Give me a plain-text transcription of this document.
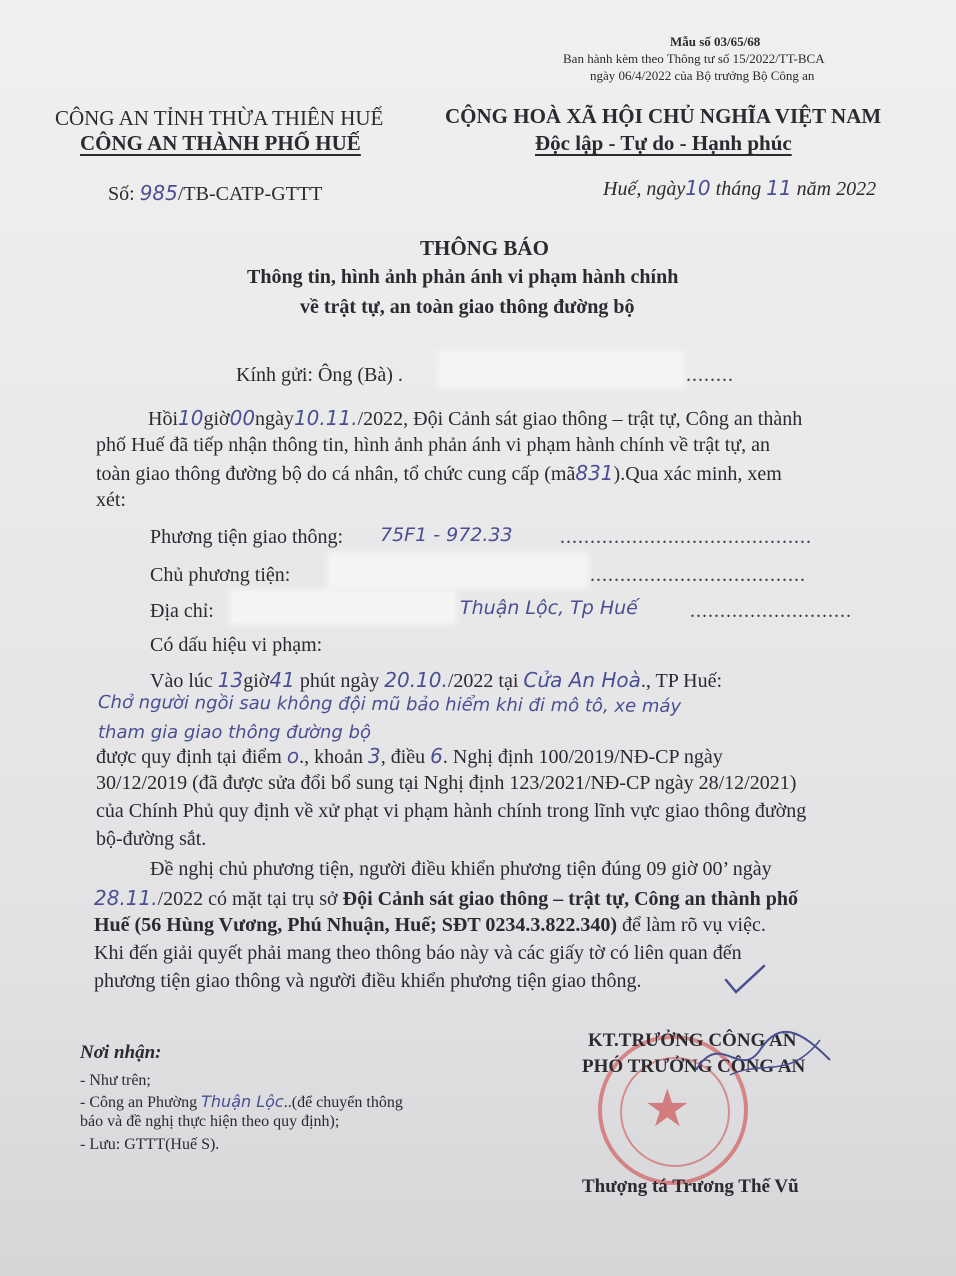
Mẫu số 03/65/68
Ban hành kèm theo Thông tư số 15/2022/TT-BCA
ngày 06/4/2022 của Bộ trưởng Bộ Công an
CÔNG AN TỈNH THỪA THIÊN HUẾ
CÔNG AN THÀNH PHỐ HUẾ
Số: 985/TB-CATP-GTTT
CỘNG HOÀ XÃ HỘI CHỦ NGHĨA VIỆT NAM
Độc lập - Tự do - Hạnh phúc
Huế, ngày10 tháng 11 năm 2022
THÔNG BÁO
Thông tin, hình ảnh phản ánh vi phạm hành chính
về trật tự, an toàn giao thông đường bộ
Kính gửi: Ông (Bà) .	........
Hồi10giờ00ngày10.11./2022, Đội Cảnh sát giao thông – trật tự, Công an thành
phố Huế đã tiếp nhận thông tin, hình ảnh phản ánh vi phạm hành chính về trật tự, an
toàn giao thông đường bộ do cá nhân, tổ chức cung cấp (mã831).Qua xác minh, xem
xét:
Phương tiện giao thông: 75F1 - 972.33 ..........................................
Chủ phương tiện:	....................................
Địa chỉ:	Thuận Lộc, Tp Huế	...........................
Có dấu hiệu vi phạm:
Vào lúc 13giờ41 phút ngày 20.10./2022 tại Cửa An Hoà., TP Huế:
Chở người ngồi sau không đội mũ bảo hiểm khi đi mô tô, xe máy
tham gia giao thông đường bộ
được quy định tại điểm o., khoản 3, điều 6. Nghị định 100/2019/NĐ-CP ngày
30/12/2019 (đã được sửa đổi bổ sung tại Nghị định 123/2021/NĐ-CP ngày 28/12/2021)
của Chính Phủ quy định về xử phạt vi phạm hành chính trong lĩnh vực giao thông đường
bộ-đường sắt.
Đề nghị chủ phương tiện, người điều khiển phương tiện đúng 09 giờ 00’ ngày
28.11./2022 có mặt tại trụ sở Đội Cảnh sát giao thông – trật tự, Công an thành phố
Huế (56 Hùng Vương, Phú Nhuận, Huế; SĐT 0234.3.822.340) để làm rõ vụ việc.
Khi đến giải quyết phải mang theo thông báo này và các giấy tờ có liên quan đến
phương tiện giao thông và người điều khiển phương tiện giao thông.
Nơi nhận:
- Như trên;
- Công an Phường Thuận Lộc..(để chuyển thông
báo và đề nghị thực hiện theo quy định);
- Lưu: GTTT(Huế S).
★
KT.TRƯỞNG CÔNG AN
PHÓ TRƯỞNG CÔNG AN
Thượng tá Trương Thế Vũ
